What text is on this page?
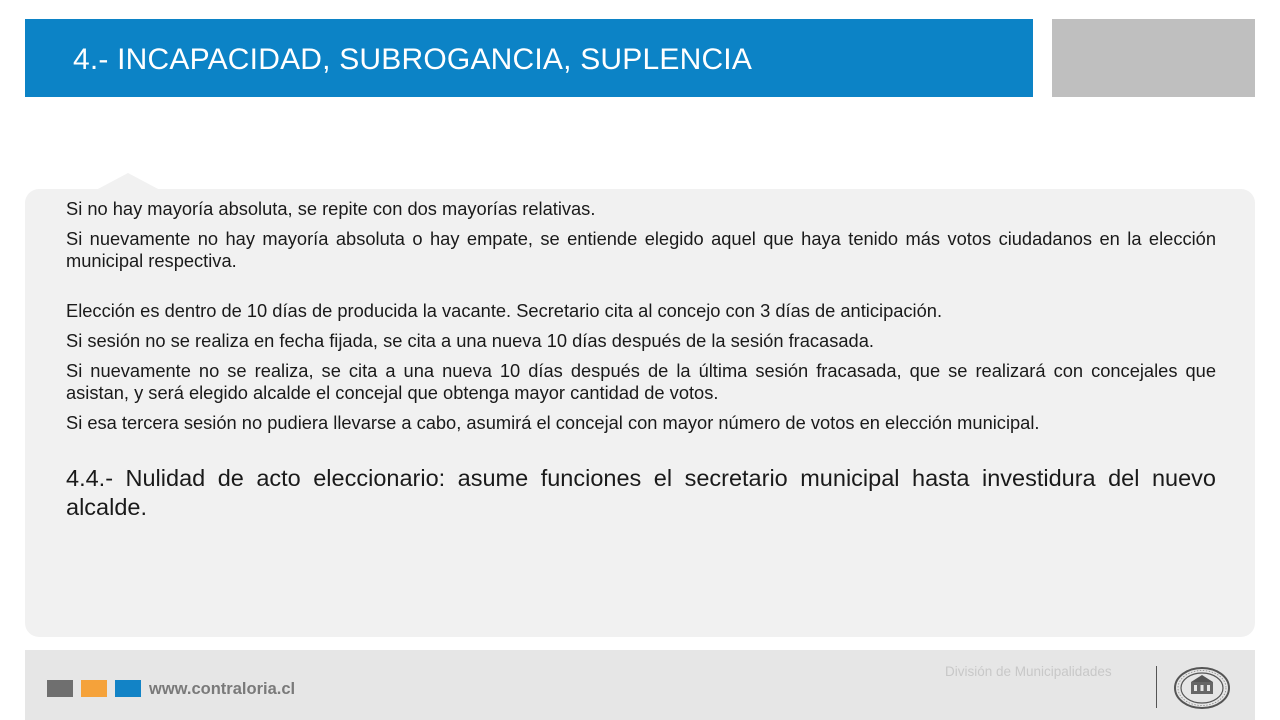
4.- INCAPACIDAD, SUBROGANCIA, SUPLENCIA

Si no hay mayoría absoluta, se repite con dos mayorías relativas.

Si nuevamente no hay mayoría absoluta o hay empate, se entiende elegido aquel que haya tenido más votos ciudadanos en la elección municipal respectiva.

Elección es dentro de 10 días de producida la vacante. Secretario cita al concejo con 3 días de anticipación.

Si sesión no se realiza en fecha fijada, se cita a una nueva 10 días después de la sesión fracasada.

Si nuevamente no se realiza, se cita a una nueva 10 días después de la última sesión fracasada, que se realizará con concejales que asistan, y será elegido alcalde el concejal que obtenga mayor cantidad de votos.

Si esa tercera sesión no pudiera llevarse a cabo, asumirá el concejal con mayor número de votos en elección municipal.

4.4.- Nulidad de acto eleccionario: asume funciones el secretario municipal hasta investidura del nuevo alcalde.

www.contraloria.cl
División de Municipalidades
